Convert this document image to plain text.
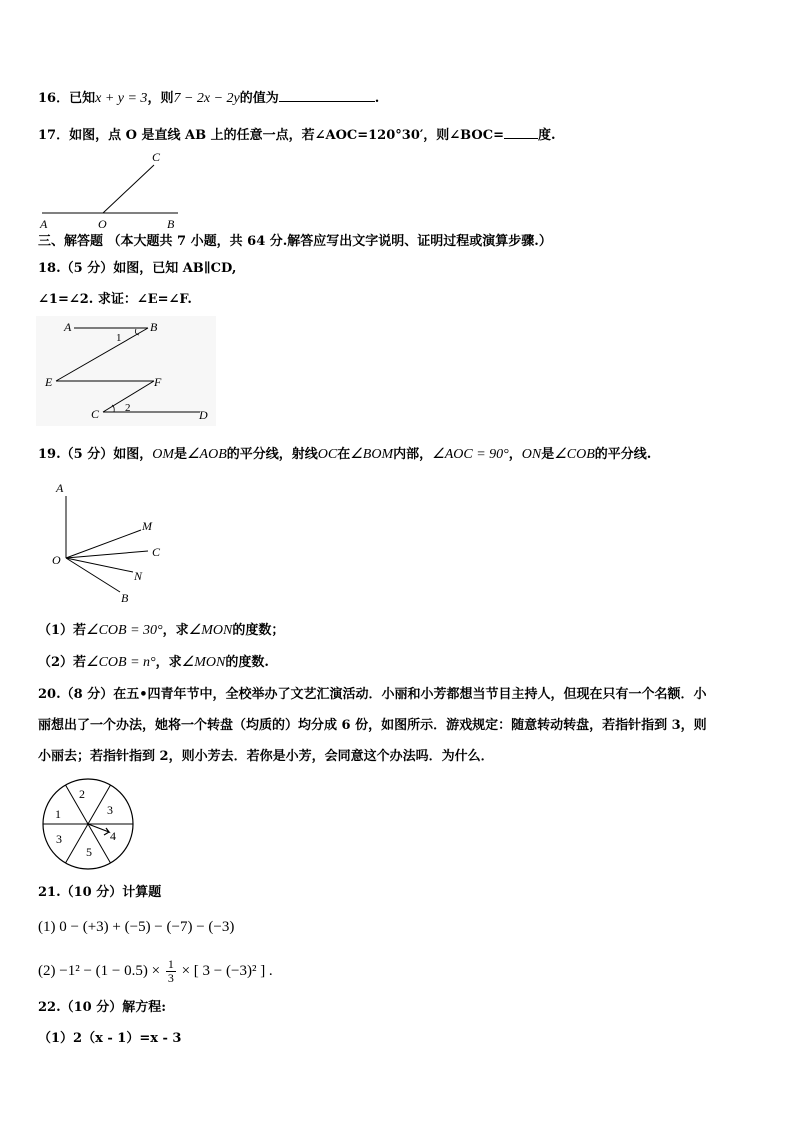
16．已知x + y = 3，则7 − 2x − 2y的值为	.
17．如图，点 O 是直线 AB 上的任意一点，若∠AOC=120°30′，则∠BOC=	度.
C
A	O	B
三、解答题 （本大题共 7 小题，共 64 分.解答应写出文字说明、证明过程或演算步骤.）
18.（5 分）如图，已知 AB∥CD,
∠1=∠2. 求证：∠E=∠F.
A	B
1
E	F
C 2	D
19.（5 分）如图，OM是∠AOB的平分线，射线OC在∠BOM内部，∠AOC = 90°，ON是∠COB的平分线.
A
O
M
C
N
B
（1）若∠COB = 30°，求∠MON的度数；
（2）若∠COB = n°，求∠MON的度数.
20.（8 分）在五•四青年节中，全校举办了文艺汇演活动．小丽和小芳都想当节目主持人，但现在只有一个名额．小
丽想出了一个办法，她将一个转盘（均质的）均分成 6 份，如图所示．游戏规定：随意转动转盘，若指针指到 3，则
小丽去；若指针指到 2，则小芳去．若你是小芳，会同意这个办法吗．为什么．
1
2
3
3	4
5
21.（10 分）计算题
(1) 0 − (+3) + (−5) − (−7) − (−3)
$(2) -1^2 - (1 - 0.5) \times \frac{1}{3}$ × [ 3 − (−3)² ] .
22.（10 分）解方程:
（1）2（x - 1）=x - 3
